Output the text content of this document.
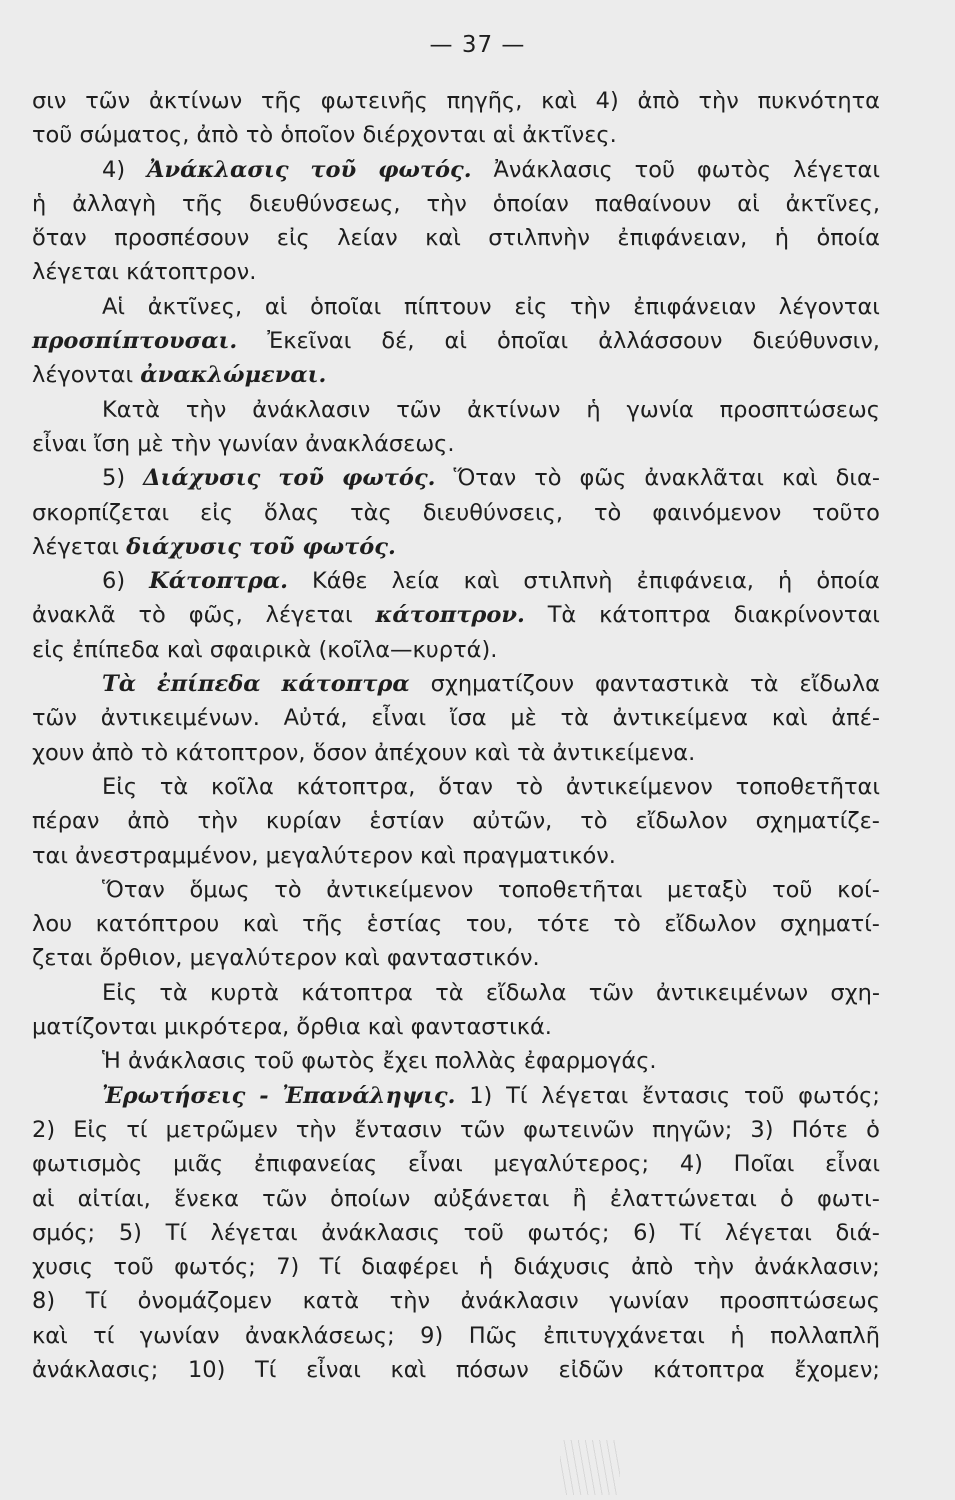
— 37 —
σιν τῶν ἀκτίνων τῆς φωτεινῆς πηγῆς, καὶ 4) ἀπὸ τὴν πυκνότητα
τοῦ σώματος, ἀπὸ τὸ ὁποῖον διέρχονται αἱ ἀκτῖνες.
4) Ἀνάκλασις τοῦ φωτός. Ἀνάκλασις τοῦ φωτὸς λέγεται
ἡ ἀλλαγὴ τῆς διευθύνσεως, τὴν ὁποίαν παθαίνουν αἱ ἀκτῖνες,
ὅταν προσπέσουν εἰς λείαν καὶ στιλπνὴν ἐπιφάνειαν, ἡ ὁποία
λέγεται κάτοπτρον.
Αἱ ἀκτῖνες, αἱ ὁποῖαι πίπτουν εἰς τὴν ἐπιφάνειαν λέγονται
προσπίπτουσαι. Ἐκεῖναι δέ, αἱ ὁποῖαι ἀλλάσσουν διεύθυνσιν,
λέγονται ἀνακλώμεναι.
Κατὰ τὴν ἀνάκλασιν τῶν ἀκτίνων ἡ γωνία προσπτώσεως
εἶναι ἴση μὲ τὴν γωνίαν ἀνακλάσεως.
5) Διάχυσις τοῦ φωτός. Ὅταν τὸ φῶς ἀνακλᾶται καὶ δια-
σκορπίζεται εἰς ὅλας τὰς διευθύνσεις, τὸ φαινόμενον τοῦτο
λέγεται διάχυσις τοῦ φωτός.
6) Κάτοπτρα. Κάθε λεία καὶ στιλπνὴ ἐπιφάνεια, ἡ ὁποία
ἀνακλᾶ τὸ φῶς, λέγεται κάτοπτρον. Τὰ κάτοπτρα διακρίνονται
εἰς ἐπίπεδα καὶ σφαιρικὰ (κοῖλα—κυρτά).
Τὰ ἐπίπεδα κάτοπτρα σχηματίζουν φανταστικὰ τὰ εἴδωλα
τῶν ἀντικειμένων. Αὐτά, εἶναι ἴσα μὲ τὰ ἀντικείμενα καὶ ἀπέ-
χουν ἀπὸ τὸ κάτοπτρον, ὅσον ἀπέχουν καὶ τὰ ἀντικείμενα.
Εἰς τὰ κοῖλα κάτοπτρα, ὅταν τὸ ἀντικείμενον τοποθετῆται
πέραν ἀπὸ τὴν κυρίαν ἑστίαν αὐτῶν, τὸ εἴδωλον σχηματίζε-
ται ἀνεστραμμένον, μεγαλύτερον καὶ πραγματικόν.
Ὅταν ὅμως τὸ ἀντικείμενον τοποθετῆται μεταξὺ τοῦ κοί-
λου κατόπτρου καὶ τῆς ἑστίας του, τότε τὸ εἴδωλον σχηματί-
ζεται ὄρθιον, μεγαλύτερον καὶ φανταστικόν.
Εἰς τὰ κυρτὰ κάτοπτρα τὰ εἴδωλα τῶν ἀντικειμένων σχη-
ματίζονται μικρότερα, ὄρθια καὶ φανταστικά.
Ἡ ἀνάκλασις τοῦ φωτὸς ἔχει πολλὰς ἐφαρμογάς.
Ἐρωτήσεις - Ἐπανάληψις. 1) Τί λέγεται ἔντασις τοῦ φωτός;
2) Εἰς τί μετρῶμεν τὴν ἔντασιν τῶν φωτεινῶν πηγῶν; 3) Πότε ὁ
φωτισμὸς μιᾶς ἐπιφανείας εἶναι μεγαλύτερος; 4) Ποῖαι εἶναι
αἱ αἰτίαι, ἕνεκα τῶν ὁποίων αὐξάνεται ἢ ἐλαττώνεται ὁ φωτι-
σμός; 5) Τί λέγεται ἀνάκλασις τοῦ φωτός; 6) Τί λέγεται διά-
χυσις τοῦ φωτός; 7) Τί διαφέρει ἡ διάχυσις ἀπὸ τὴν ἀνάκλασιν;
8) Τί ὀνομάζομεν κατὰ τὴν ἀνάκλασιν γωνίαν προσπτώσεως
καὶ τί γωνίαν ἀνακλάσεως; 9) Πῶς ἐπιτυγχάνεται ἡ πολλαπλῆ
ἀνάκλασις; 10) Τί εἶναι καὶ πόσων εἰδῶν κάτοπτρα ἔχομεν;
